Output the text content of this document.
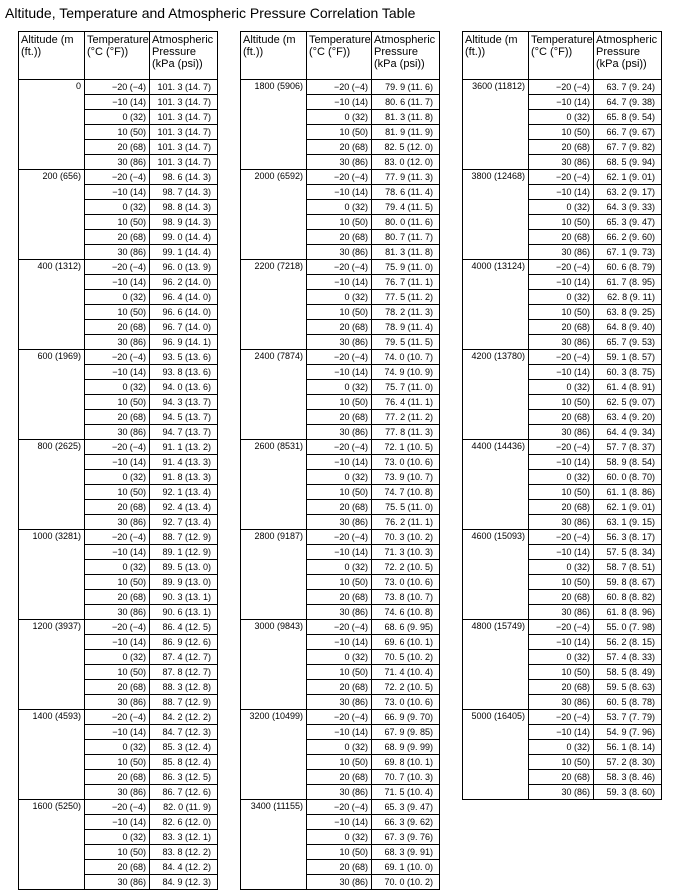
Altitude, Temperature and Atmospheric Pressure Correlation Table
Altitude (m (ft.))	Temperature (°C (°F))	Atmospheric Pressure (kPa (psi))
0	−20 (−4)	101. 3 (14. 7)
	−10 (14)	101. 3 (14. 7)
	0 (32)	101. 3 (14. 7)
	10 (50)	101. 3 (14. 7)
	20 (68)	101. 3 (14. 7)
	30 (86)	101. 3 (14. 7)
200 (656)	−20 (−4)	98. 6 (14. 3)
	−10 (14)	98. 7 (14. 3)
	0 (32)	98. 8 (14. 3)
	10 (50)	98. 9 (14. 3)
	20 (68)	99. 0 (14. 4)
	30 (86)	99. 1 (14. 4)
400 (1312)	−20 (−4)	96. 0 (13. 9)
	−10 (14)	96. 2 (14. 0)
	0 (32)	96. 4 (14. 0)
	10 (50)	96. 6 (14. 0)
	20 (68)	96. 7 (14. 0)
	30 (86)	96. 9 (14. 1)
600 (1969)	−20 (−4)	93. 5 (13. 6)
	−10 (14)	93. 8 (13. 6)
	0 (32)	94. 0 (13. 6)
	10 (50)	94. 3 (13. 7)
	20 (68)	94. 5 (13. 7)
	30 (86)	94. 7 (13. 7)
800 (2625)	−20 (−4)	91. 1 (13. 2)
	−10 (14)	91. 4 (13. 3)
	0 (32)	91. 8 (13. 3)
	10 (50)	92. 1 (13. 4)
	20 (68)	92. 4 (13. 4)
	30 (86)	92. 7 (13. 4)
1000 (3281)	−20 (−4)	88. 7 (12. 9)
	−10 (14)	89. 1 (12. 9)
	0 (32)	89. 5 (13. 0)
	10 (50)	89. 9 (13. 0)
	20 (68)	90. 3 (13. 1)
	30 (86)	90. 6 (13. 1)
1200 (3937)	−20 (−4)	86. 4 (12. 5)
	−10 (14)	86. 9 (12. 6)
	0 (32)	87. 4 (12. 7)
	10 (50)	87. 8 (12. 7)
	20 (68)	88. 3 (12. 8)
	30 (86)	88. 7 (12. 9)
1400 (4593)	−20 (−4)	84. 2 (12. 2)
	−10 (14)	84. 7 (12. 3)
	0 (32)	85. 3 (12. 4)
	10 (50)	85. 8 (12. 4)
	20 (68)	86. 3 (12. 5)
	30 (86)	86. 7 (12. 6)
1600 (5250)	−20 (−4)	82. 0 (11. 9)
	−10 (14)	82. 6 (12. 0)
	0 (32)	83. 3 (12. 1)
	10 (50)	83. 8 (12. 2)
	20 (68)	84. 4 (12. 2)
	30 (86)	84. 9 (12. 3)
Altitude (m (ft.))	Temperature (°C (°F))	Atmospheric Pressure (kPa (psi))
1800 (5906)	−20 (−4)	79. 9 (11. 6)
	−10 (14)	80. 6 (11. 7)
	0 (32)	81. 3 (11. 8)
	10 (50)	81. 9 (11. 9)
	20 (68)	82. 5 (12. 0)
	30 (86)	83. 0 (12. 0)
2000 (6592)	−20 (−4)	77. 9 (11. 3)
	−10 (14)	78. 6 (11. 4)
	0 (32)	79. 4 (11. 5)
	10 (50)	80. 0 (11. 6)
	20 (68)	80. 7 (11. 7)
	30 (86)	81. 3 (11. 8)
2200 (7218)	−20 (−4)	75. 9 (11. 0)
	−10 (14)	76. 7 (11. 1)
	0 (32)	77. 5 (11. 2)
	10 (50)	78. 2 (11. 3)
	20 (68)	78. 9 (11. 4)
	30 (86)	79. 5 (11. 5)
2400 (7874)	−20 (−4)	74. 0 (10. 7)
	−10 (14)	74. 9 (10. 9)
	0 (32)	75. 7 (11. 0)
	10 (50)	76. 4 (11. 1)
	20 (68)	77. 2 (11. 2)
	30 (86)	77. 8 (11. 3)
2600 (8531)	−20 (−4)	72. 1 (10. 5)
	−10 (14)	73. 0 (10. 6)
	0 (32)	73. 9 (10. 7)
	10 (50)	74. 7 (10. 8)
	20 (68)	75. 5 (11. 0)
	30 (86)	76. 2 (11. 1)
2800 (9187)	−20 (−4)	70. 3 (10. 2)
	−10 (14)	71. 3 (10. 3)
	0 (32)	72. 2 (10. 5)
	10 (50)	73. 0 (10. 6)
	20 (68)	73. 8 (10. 7)
	30 (86)	74. 6 (10. 8)
3000 (9843)	−20 (−4)	68. 6 (9. 95)
	−10 (14)	69. 6 (10. 1)
	0 (32)	70. 5 (10. 2)
	10 (50)	71. 4 (10. 4)
	20 (68)	72. 2 (10. 5)
	30 (86)	73. 0 (10. 6)
3200 (10499)	−20 (−4)	66. 9 (9. 70)
	−10 (14)	67. 9 (9. 85)
	0 (32)	68. 9 (9. 99)
	10 (50)	69. 8 (10. 1)
	20 (68)	70. 7 (10. 3)
	30 (86)	71. 5 (10. 4)
3400 (11155)	−20 (−4)	65. 3 (9. 47)
	−10 (14)	66. 3 (9. 62)
	0 (32)	67. 3 (9. 76)
	10 (50)	68. 3 (9. 91)
	20 (68)	69. 1 (10. 0)
	30 (86)	70. 0 (10. 2)
Altitude (m (ft.))	Temperature (°C (°F))	Atmospheric Pressure (kPa (psi))
3600 (11812)	−20 (−4)	63. 7 (9. 24)
	−10 (14)	64. 7 (9. 38)
	0 (32)	65. 8 (9. 54)
	10 (50)	66. 7 (9. 67)
	20 (68)	67. 7 (9. 82)
	30 (86)	68. 5 (9. 94)
3800 (12468)	−20 (−4)	62. 1 (9. 01)
	−10 (14)	63. 2 (9. 17)
	0 (32)	64. 3 (9. 33)
	10 (50)	65. 3 (9. 47)
	20 (68)	66. 2 (9. 60)
	30 (86)	67. 1 (9. 73)
4000 (13124)	−20 (−4)	60. 6 (8. 79)
	−10 (14)	61. 7 (8. 95)
	0 (32)	62. 8 (9. 11)
	10 (50)	63. 8 (9. 25)
	20 (68)	64. 8 (9. 40)
	30 (86)	65. 7 (9. 53)
4200 (13780)	−20 (−4)	59. 1 (8. 57)
	−10 (14)	60. 3 (8. 75)
	0 (32)	61. 4 (8. 91)
	10 (50)	62. 5 (9. 07)
	20 (68)	63. 4 (9. 20)
	30 (86)	64. 4 (9. 34)
4400 (14436)	−20 (−4)	57. 7 (8. 37)
	−10 (14)	58. 9 (8. 54)
	0 (32)	60. 0 (8. 70)
	10 (50)	61. 1 (8. 86)
	20 (68)	62. 1 (9. 01)
	30 (86)	63. 1 (9. 15)
4600 (15093)	−20 (−4)	56. 3 (8. 17)
	−10 (14)	57. 5 (8. 34)
	0 (32)	58. 7 (8. 51)
	10 (50)	59. 8 (8. 67)
	20 (68)	60. 8 (8. 82)
	30 (86)	61. 8 (8. 96)
4800 (15749)	−20 (−4)	55. 0 (7. 98)
	−10 (14)	56. 2 (8. 15)
	0 (32)	57. 4 (8. 33)
	10 (50)	58. 5 (8. 49)
	20 (68)	59. 5 (8. 63)
	30 (86)	60. 5 (8. 78)
5000 (16405)	−20 (−4)	53. 7 (7. 79)
	−10 (14)	54. 9 (7. 96)
	0 (32)	56. 1 (8. 14)
	10 (50)	57. 2 (8. 30)
	20 (68)	58. 3 (8. 46)
	30 (86)	59. 3 (8. 60)
